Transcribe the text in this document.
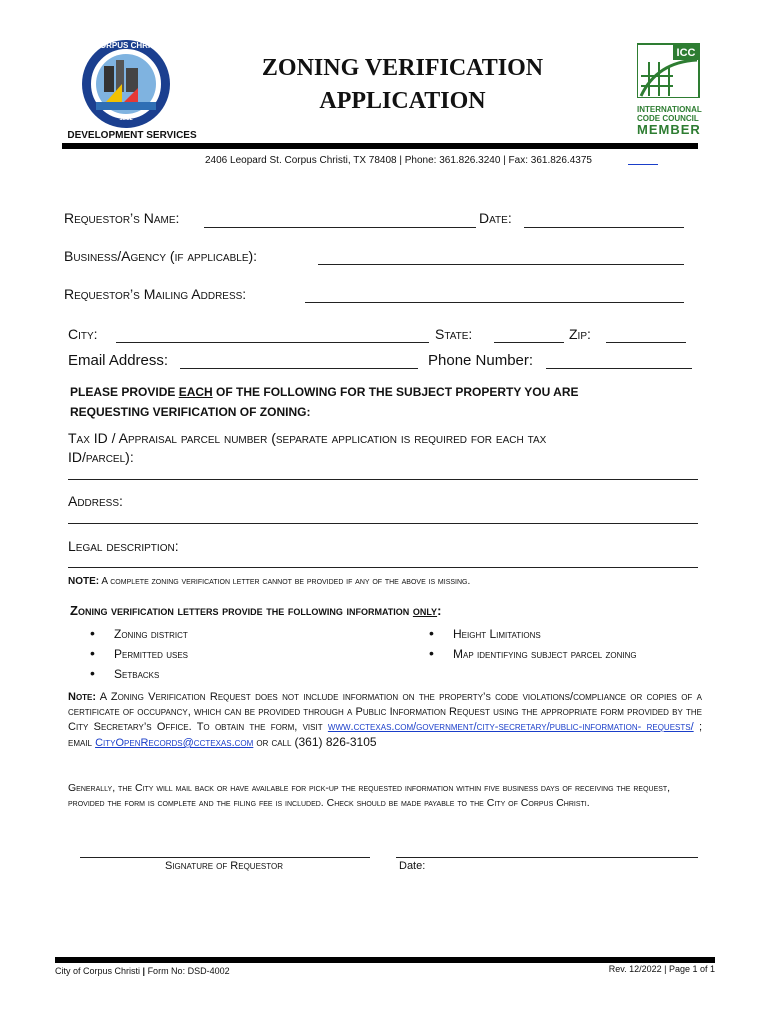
CITY OF CORPUS CHRISTI TEXAS
1852
DEVELOPMENT SERVICES
ZONING VERIFICATION
APPLICATION
ICC
INTERNATIONAL
CODE COUNCIL
MEMBER
2406 Leopard St. Corpus Christi, TX 78408 | Phone: 361.826.3240 | Fax: 361.826.4375
Requestor’s Name:	Date:
Business/Agency (if applicable):
Requestor’s Mailing Address:
City:	State:	Zip:
Email Address:	Phone Number:
PLEASE PROVIDE EACH OF THE FOLLOWING FOR THE SUBJECT PROPERTY YOU ARE
REQUESTING VERIFICATION OF ZONING:
Tax ID / Appraisal parcel number (separate application is required for each tax
ID/parcel):
Address:
Legal description:
NOTE: A complete zoning verification letter cannot be provided if any of the above is missing.
Zoning verification letters provide the following information only:
• Zoning district
• Permitted uses
• Setbacks
• Height Limitations
• Map identifying subject parcel zoning
Note: A Zoning Verification Request does not include information on the property’s code violations/compliance or copies of a certificate of occupancy, which can be provided through a Public Information Request using the appropriate form provided by the City Secretary’s Office. To obtain the form, visit www.cctexas.com/government/city-secretary/public-information- requests/ ; email CityOpenRecords@cctexas.com or call (361) 826-3105
Generally, the City will mail back or have available for pick-up the requested information within five business days of receiving the request, provided the form is complete and the filing fee is included. Check should be made payable to the City of Corpus Christi.
Signature of Requestor	Date:
City of Corpus Christi | Form No: DSD-4002	Rev. 12/2022 | Page 1 of 1
